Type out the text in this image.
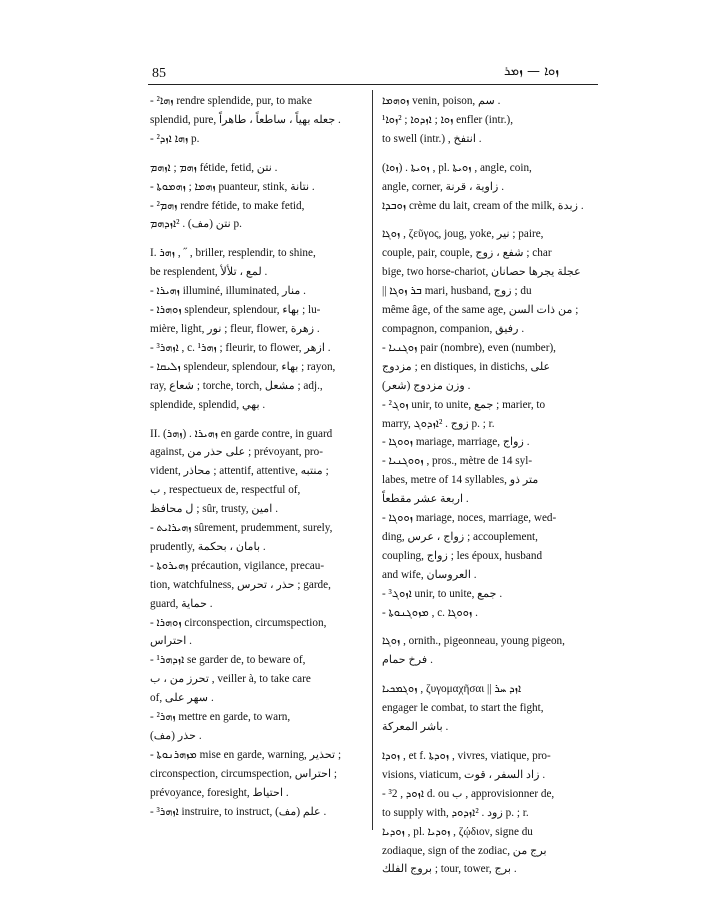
85	ܙܘܐ — ܙܡܪ
- ²ܙܗܐ rendre splendide, pur, to make
splendid, pure, جعله بهياً ، ساطعاً ، طاهراً .
- ²ܙܗܐ ܐܙܕ p.
ܙܗܡ ; ܐܙܗܡ fétide, fetid, نتن .
- ܙܗܡܐ ; ܙܗܡܘܬܐ puanteur, stink, نتانة .
- ²ܙܗܡ rendre fétide, to make fetid,
نتن (مف) . ²ܐܙܕܗܡ p.
I. ܙܗܪ , ˝ , briller, resplendir, to shine,
be resplendent, لمع ، تلألأ .
- ܙܗܝܪܐ illuminé, illuminated, منار .
- ܙܘܗܪܐ splendeur, splendour, بهاء ; lu-
mière, light, نور ; fleur, flower, زهرة .
- ³ܐܙܗܪ , c. ¹ܙܗܪ ; fleurir, to flower, ازهر .
- ܙܠܝܩܐ splendeur, splendour, بهاء ; rayon,
ray, شعاع ; torche, torch, مشعل ; adj.,
splendide, splendid, بهي .
II. (ܙܗܪ) . ܙܗܝܪܐ en garde contre, in guard
against, على حذر من ; prévoyant, pro-
vident, محاذر ; attentif, attentive, منتبه ;
ب , respectueux de, respectful of,
ل محافظ ; sûr, trusty, امين .
- ܙܗܝܪܐܝܬ sûrement, prudemment, surely,
prudently, بامان ، بحكمة .
- ܙܗܝܪܘܬܐ précaution, vigilance, precau-
tion, watchfulness, حذر ، تحرس ; garde,
guard, حماية .
- ܙܘܗܪܐ circonspection, circumspection,
احتراس .
- ¹ܐܙܕܗܪ se garder de, to beware of,
تحرز من ، ب , veiller à, to take care
of, سهر على .
- ²ܙܗܪ mettre en garde, to warn,
حذر (مف) .
- ܡܙܗܪܢܘܬܐ mise en garde, warning, تحذير ;
circonspection, circumspection, احتراس ;
prévoyance, foresight, احتياط .
- ³ܐܙܗܪ instruire, to instruct, علم (مف) .
ܙܘܗܡܐ venin, poison, سم .
¹ܙܘܐ ; ܐܙܕܘܐ ; ²ܙܘܐ enfler (intr.),
to swell (intr.) , انتفخ .
(ܙܘܐ) . ܙܘܝܬܐ , pl. ܙܘܝܬܐ , angle, coin,
angle, corner, زاوية ، قرنة .
ܙܘܒܕܐ crème du lait, cream of the milk, زبدة .
ܙܘܓܐ , ζεῦγος, joug, yoke, نير ; paire,
couple, pair, couple, شفع ، زوج ; char
bige, two horse-chariot, عجلة يجرها حصانان
|| ܒܪ ܙܘܓܐ mari, husband, زوج ; du
même âge, of the same age, من ذات السن ;
compagnon, companion, رفيق .
- ܙܘܓܢܝܐ pair (nombre), even (number),
مزدوج ; en distiques, in distichs, على
وزن مزدوج (شعر) .
- ²ܙܘܓ unir, to unite, جمع ; marier, to
marry, زوج . ²ܐܙܕܘܓ p. ; r.
- ܙܘܘܓܐ mariage, marriage, زواج .
- ܙܘܘܓܢܝܐ , pros., mètre de 14 syl-
labes, metre of 14 syllables, متر ذو
اربعة عشر مقطعاً .
- ܙܘܘܓܐ mariage, noces, marriage, wed-
ding, زواج ، عرس ; accouplement,
coupling, زواج ; les époux, husband
and wife, العروسان .
- ³ܐܙܘܓ unir, to unite, جمع .
- ܡܙܘܓܢܘܬܐ , c. ܙܘܘܓܐ .
ܙܘܓܐ , ornith., pigeonneau, young pigeon,
فرخ حمام .
ܙܘܓܡܟܝܐ , ζυγομαχῆσαι || ܐܙܕ ܚܪ
engager le combat, to start the fight,
باشر المعركة .
ܙܘܕܐ , et f. ܙܘܕܬܐ , vivres, viatique, pro-
visions, viaticum, زاد السفر ، قوت .
- ³ܐܙܘܕ , 2 d. ou ب , approvisionner de,
to supply with, زود . ²ܐܙܕܘܕ p. ; r.
ܙܘܕܝܐ , pl. ܙܘܕܝܐ , ζῴδιον, signe du
zodiaque, sign of the zodiac, برج من
بروج الفلك ; tour, tower, برج .
